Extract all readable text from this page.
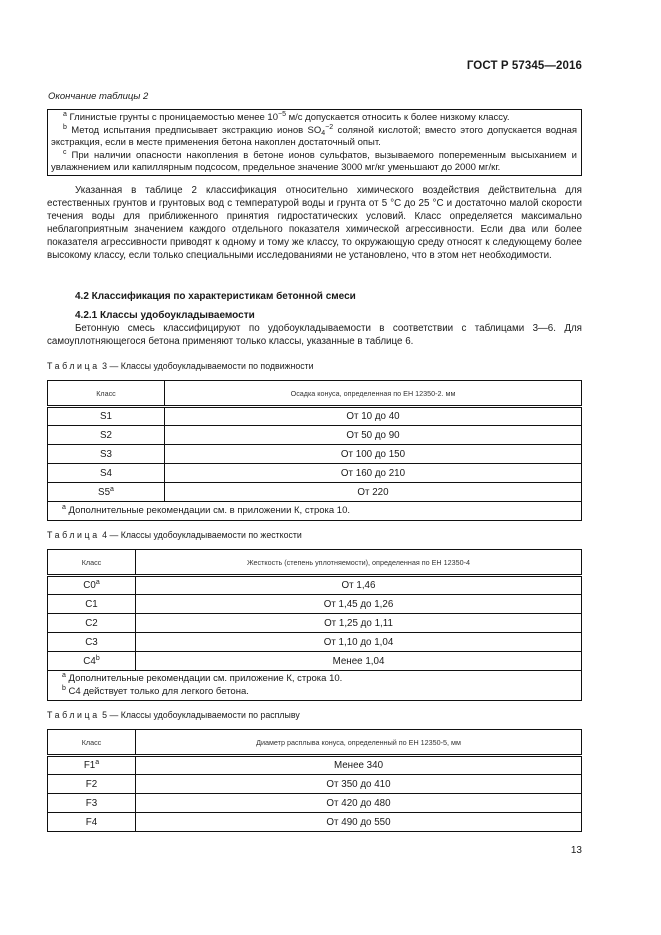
ГОСТ Р 57345—2016
Окончание таблицы 2

$^a$ Глинистые грунты с проницаемостью менее $10^{-5}$ м/с допускается относить к более низкому классу.

$^b$ Метод испытания предписывает экстракцию ионов $SO_4^{-2}$ соляной кислотой; вместо этого допускается водная экстракция, если в месте применения бетона накоплен достаточный опыт.

$^c$ При наличии опасности накопления в бетоне ионов сульфатов, вызываемого попеременным высыханием и увлажнением или капиллярным подсосом, предельное значение 3000 мг/кг уменьшают до 2000 мг/кг.

Указанная в таблице 2 классификация относительно химического воздействия действительна для естественных грунтов и грунтовых вод с температурой воды и грунта от 5 °С до 25 °С и достаточно малой скорости течения воды для приближенного принятия гидростатических условий. Класс определяется максимально неблагоприятным значением каждого отдельного показателя химической агрессивности. Если два или более показателя агрессивности приводят к одному и тому же классу, то окружающую среду относят к следующему более высокому классу, если только специальными исследованиями не установлено, что в этом нет необходимости.
4.2 Классификация по характеристикам бетонной смеси
4.2.1 Классы удобоукладываемости
Бетонную смесь классифицируют по удобоукладываемости в соответствии с таблицами 3—6. Для самоуплотняющегося бетона применяют только классы, указанные в таблице 6.
Таблица 3 — Классы удобоукладываемости по подвижности
Класс	Осадка конуса, определенная по ЕН 12350-2. мм
S1	От 10 до 40
S2	От 50 до 90
S3	От 100 до 150
S4	От 160 до 210
S5$^a$	От 220
$^a$ Дополнительные рекомендации см. в приложении К, строка 10.	
Таблица 4 — Классы удобоукладываемости по жесткости
Класс	Жесткость (степень уплотняемости), определенная по ЕН 12350-4
C0$^a$	От 1,46
C1	От 1,45 до 1,26
C2	От 1,25 до 1,11
C3	От 1,10 до 1,04
C4$^b$	Менее 1,04

$^a$ Дополнительные рекомендации см. приложение К, строка 10.
$^b$ C4 действует только для легкого бетона.	
Таблица 5 — Классы удобоукладываемости по расплыву
Класс	Диаметр расплыва конуса, определенный по ЕН 12350-5, мм
F1$^a$	Менее 340
F2	От 350 до 410
F3	От 420 до 480
F4	От 490 до 550
13
